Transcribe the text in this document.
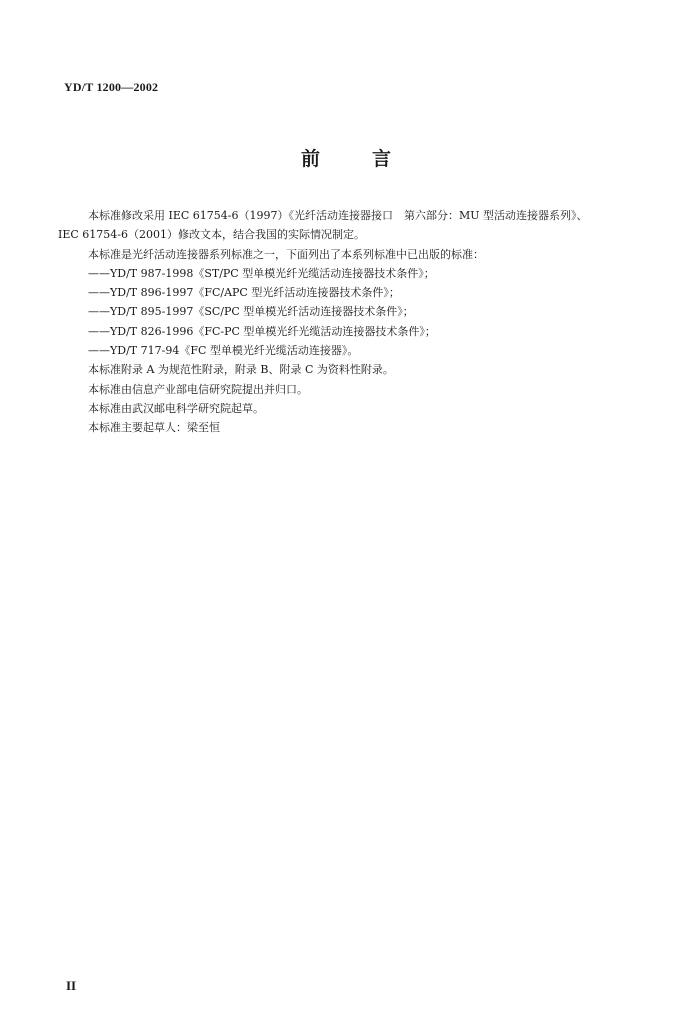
YD/T 1200—2002

前言
本标准修改采用 IEC 61754-6（1997）《光纤活动连接器接口　第六部分：MU 型活动连接器系列》、
IEC 61754-6（2001）修改文本，结合我国的实际情况制定。
本标准是光纤活动连接器系列标准之一，下面列出了本系列标准中已出版的标准：
——YD/T 987-1998《ST/PC 型单模光纤光缆活动连接器技术条件》；
——YD/T 896-1997《FC/APC 型光纤活动连接器技术条件》；
——YD/T 895-1997《SC/PC 型单模光纤活动连接器技术条件》；
——YD/T 826-1996《FC-PC 型单模光纤光缆活动连接器技术条件》；
——YD/T 717-94《FC 型单模光纤光缆活动连接器》。
本标准附录 A 为规范性附录，附录 B、附录 C 为资料性附录。
本标准由信息产业部电信研究院提出并归口。
本标准由武汉邮电科学研究院起草。
本标准主要起草人：梁至恒

II
